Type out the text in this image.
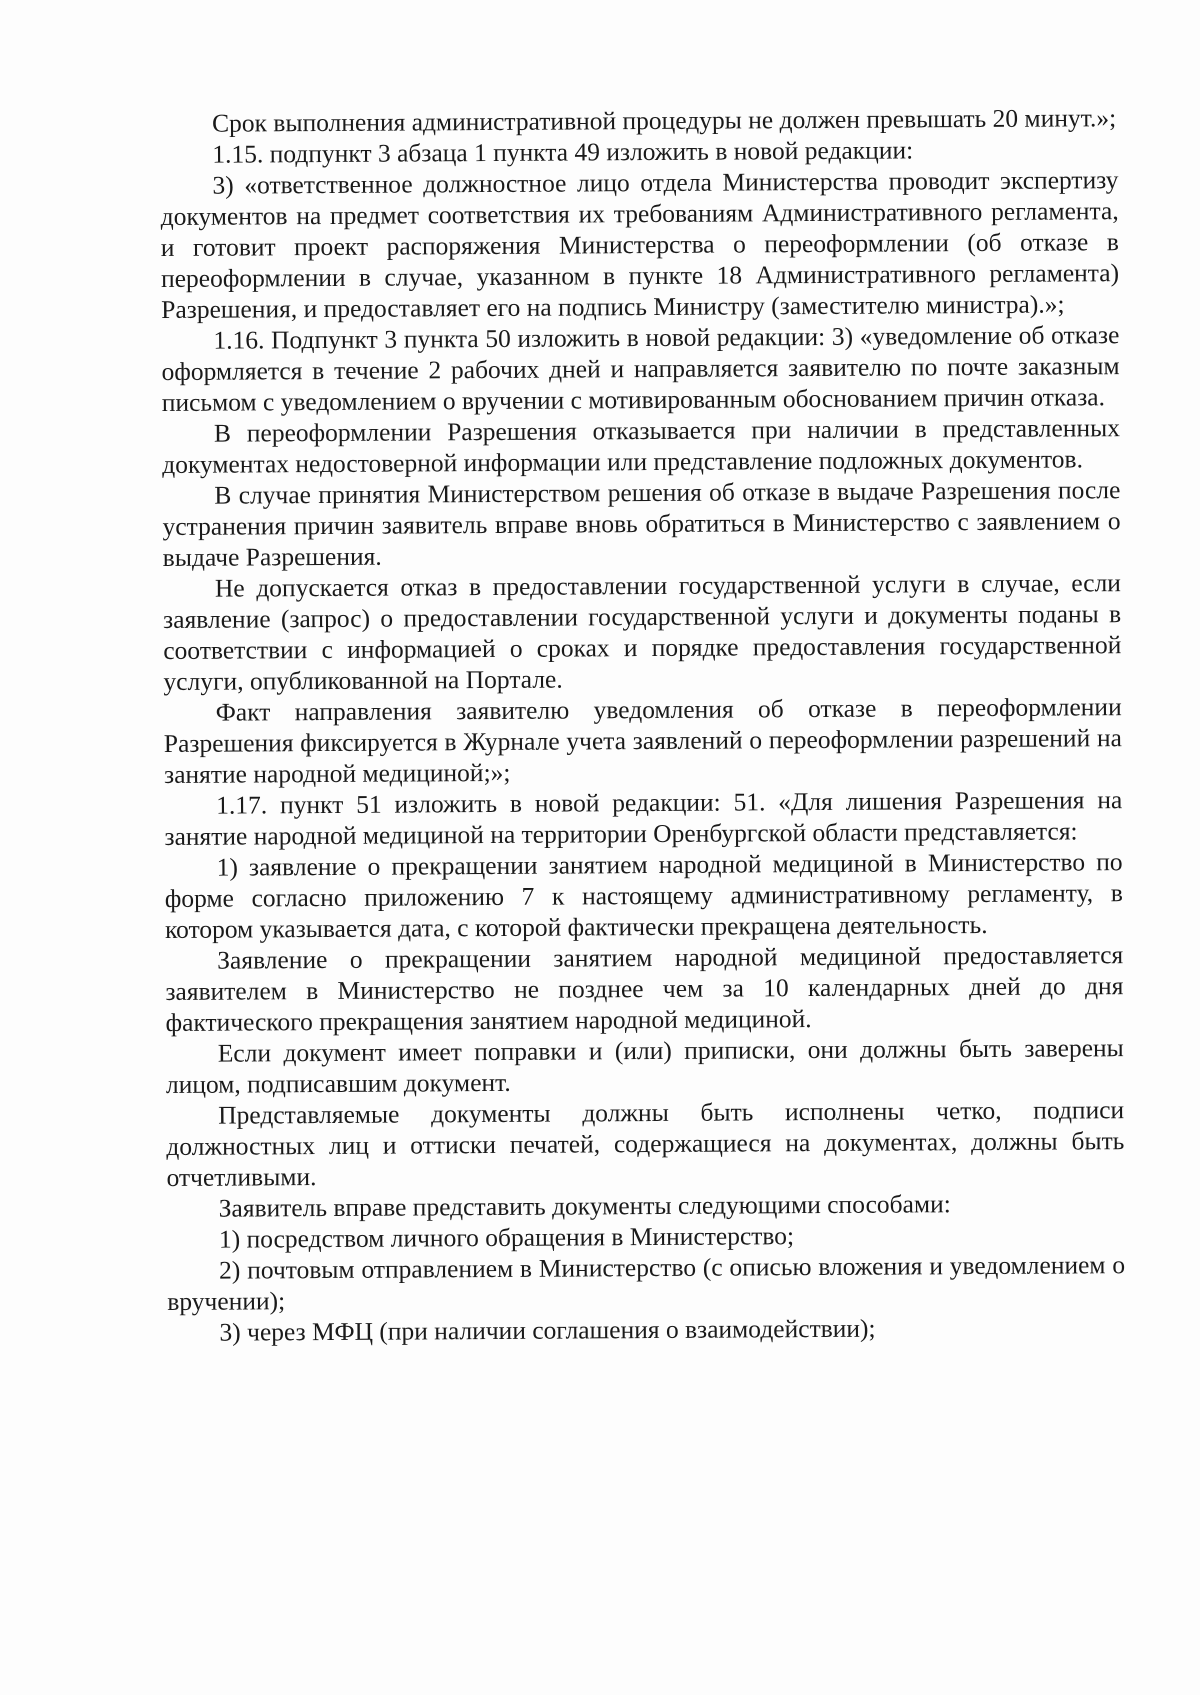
Срок выполнения административной процедуры не должен превышать 20 минут.»;

1.15. подпункт 3 абзаца 1 пункта 49 изложить в новой редакции:

3) «ответственное должностное лицо отдела Министерства проводит экспертизу документов на предмет соответствия их требованиям Административного регламента, и готовит проект распоряжения Министерства о переоформлении (об отказе в переоформлении в случае, указанном в пункте 18 Административного регламента) Разрешения, и предоставляет его на подпись Министру (заместителю министра).»;

1.16. Подпункт 3 пункта 50 изложить в новой редакции: 3) «уведомление об отказе оформляется в течение 2 рабочих дней и направляется заявителю по почте заказным письмом с уведомлением о вручении с мотивированным обоснованием причин отказа.

В переоформлении Разрешения отказывается при наличии в представленных документах недостоверной информации или представление подложных документов.

В случае принятия Министерством решения об отказе в выдаче Разрешения после устранения причин заявитель вправе вновь обратиться в Министерство с заявлением о выдаче Разрешения.

Не допускается отказ в предоставлении государственной услуги в случае, если заявление (запрос) о предоставлении государственной услуги и документы поданы в соответствии с информацией о сроках и порядке предоставления государственной услуги, опубликованной на Портале.

Факт направления заявителю уведомления об отказе в переоформлении Разрешения фиксируется в Журнале учета заявлений о переоформлении разрешений на занятие народной медициной;»;

1.17. пункт 51 изложить в новой редакции: 51. «Для лишения Разрешения на занятие народной медициной на территории Оренбургской области представляется:

1) заявление о прекращении занятием народной медициной в Министерство по форме согласно приложению 7 к настоящему административному регламенту, в котором указывается дата, с которой фактически прекращена деятельность.

Заявление о прекращении занятием народной медициной предоставляется заявителем в Министерство не позднее чем за 10 календарных дней до дня фактического прекращения занятием народной медициной.

Если документ имеет поправки и (или) приписки, они должны быть заверены лицом, подписавшим документ.

Представляемые документы должны быть исполнены четко, подписи должностных лиц и оттиски печатей, содержащиеся на документах, должны быть отчетливыми.

Заявитель вправе представить документы следующими способами:

1) посредством личного обращения в Министерство;

2) почтовым отправлением в Министерство (с описью вложения и уведомлением о вручении);

3) через МФЦ (при наличии соглашения о взаимодействии);
